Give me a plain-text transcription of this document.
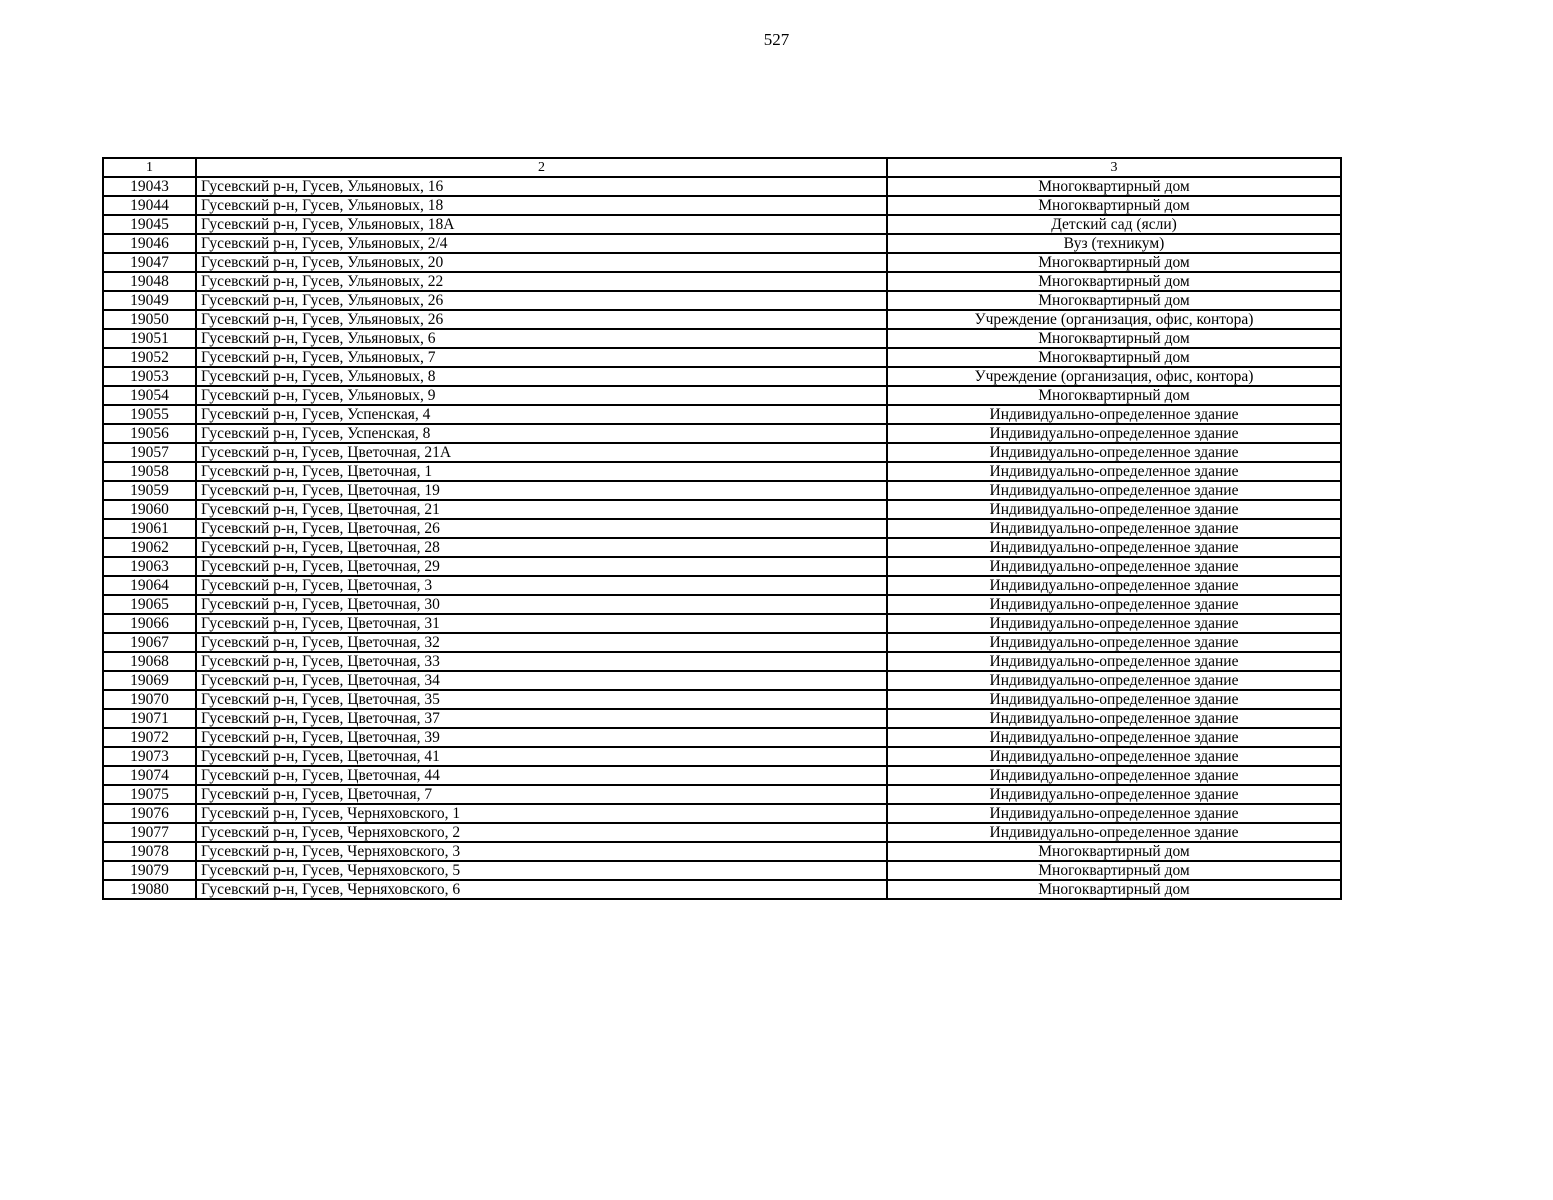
527
1	2	3
19043	Гусевский р-н, Гусев, Ульяновых, 16	Многоквартирный дом
19044	Гусевский р-н, Гусев, Ульяновых, 18	Многоквартирный дом
19045	Гусевский р-н, Гусев, Ульяновых, 18А	Детский сад (ясли)
19046	Гусевский р-н, Гусев, Ульяновых, 2/4	Вуз (техникум)
19047	Гусевский р-н, Гусев, Ульяновых, 20	Многоквартирный дом
19048	Гусевский р-н, Гусев, Ульяновых, 22	Многоквартирный дом
19049	Гусевский р-н, Гусев, Ульяновых, 26	Многоквартирный дом
19050	Гусевский р-н, Гусев, Ульяновых, 26	Учреждение (организация, офис, контора)
19051	Гусевский р-н, Гусев, Ульяновых, 6	Многоквартирный дом
19052	Гусевский р-н, Гусев, Ульяновых, 7	Многоквартирный дом
19053	Гусевский р-н, Гусев, Ульяновых, 8	Учреждение (организация, офис, контора)
19054	Гусевский р-н, Гусев, Ульяновых, 9	Многоквартирный дом
19055	Гусевский р-н, Гусев, Успенская, 4	Индивидуально-определенное здание
19056	Гусевский р-н, Гусев, Успенская, 8	Индивидуально-определенное здание
19057	Гусевский р-н, Гусев, Цветочная, 21А	Индивидуально-определенное здание
19058	Гусевский р-н, Гусев, Цветочная, 1	Индивидуально-определенное здание
19059	Гусевский р-н, Гусев, Цветочная, 19	Индивидуально-определенное здание
19060	Гусевский р-н, Гусев, Цветочная, 21	Индивидуально-определенное здание
19061	Гусевский р-н, Гусев, Цветочная, 26	Индивидуально-определенное здание
19062	Гусевский р-н, Гусев, Цветочная, 28	Индивидуально-определенное здание
19063	Гусевский р-н, Гусев, Цветочная, 29	Индивидуально-определенное здание
19064	Гусевский р-н, Гусев, Цветочная, 3	Индивидуально-определенное здание
19065	Гусевский р-н, Гусев, Цветочная, 30	Индивидуально-определенное здание
19066	Гусевский р-н, Гусев, Цветочная, 31	Индивидуально-определенное здание
19067	Гусевский р-н, Гусев, Цветочная, 32	Индивидуально-определенное здание
19068	Гусевский р-н, Гусев, Цветочная, 33	Индивидуально-определенное здание
19069	Гусевский р-н, Гусев, Цветочная, 34	Индивидуально-определенное здание
19070	Гусевский р-н, Гусев, Цветочная, 35	Индивидуально-определенное здание
19071	Гусевский р-н, Гусев, Цветочная, 37	Индивидуально-определенное здание
19072	Гусевский р-н, Гусев, Цветочная, 39	Индивидуально-определенное здание
19073	Гусевский р-н, Гусев, Цветочная, 41	Индивидуально-определенное здание
19074	Гусевский р-н, Гусев, Цветочная, 44	Индивидуально-определенное здание
19075	Гусевский р-н, Гусев, Цветочная, 7	Индивидуально-определенное здание
19076	Гусевский р-н, Гусев, Черняховского, 1	Индивидуально-определенное здание
19077	Гусевский р-н, Гусев, Черняховского, 2	Индивидуально-определенное здание
19078	Гусевский р-н, Гусев, Черняховского, 3	Многоквартирный дом
19079	Гусевский р-н, Гусев, Черняховского, 5	Многоквартирный дом
19080	Гусевский р-н, Гусев, Черняховского, 6	Многоквартирный дом
